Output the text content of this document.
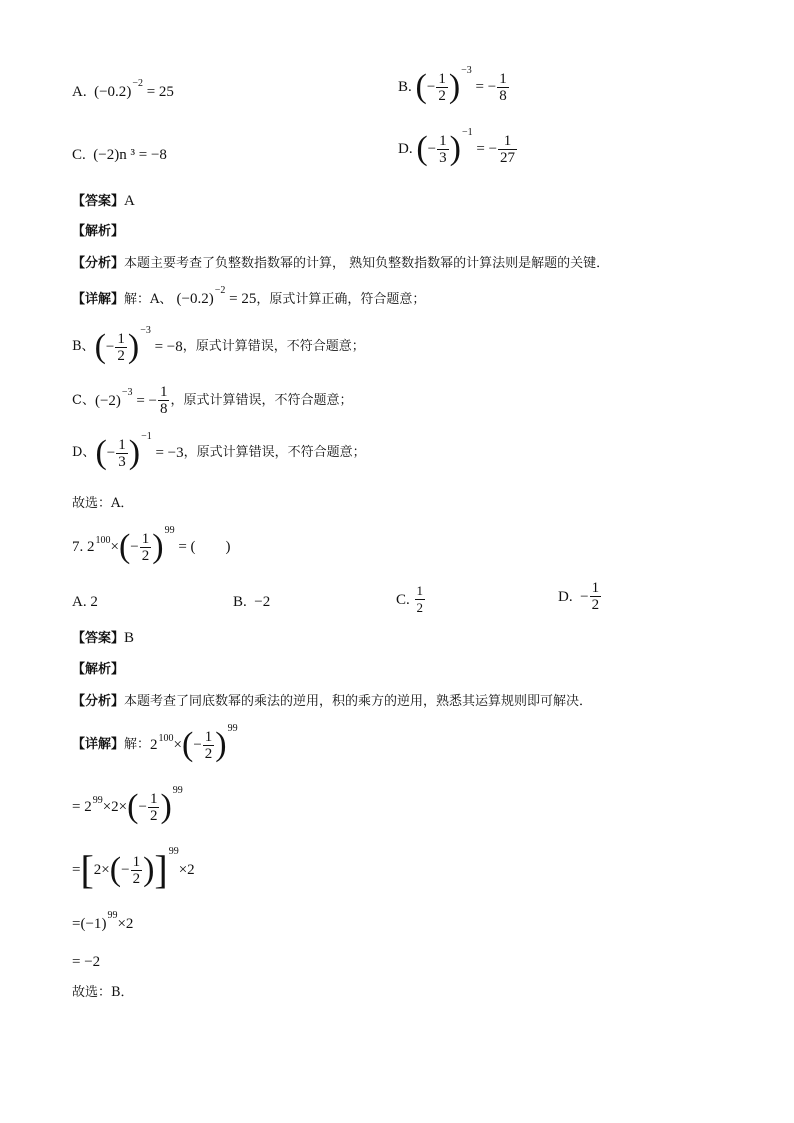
A.  $(-0.2)^{-2} = 25$	B.
( − $\frac{1}{2}$ ) −3
= − $\frac{1}{8}$
C.  (−2)n ³ = −8	D.
( − $\frac{1}{3}$ ) −1
= − $\frac{1}{27}$
【答案】A
【解析】
【分析】本题主要考查了负整数指数幂的计算， 熟知负整数指数幂的计算法则是解题的关键．
【详解】解：A、 $(-0.2)^{-2} = 25$，原式计算正确，符合题意；
B、 ( − $\frac{1}{2}$ ) −3

= −8 ，原式计算错误，不符合题意；
C、 ( −2 )
−3
= − $\frac{1}{8}$ ，原式计算错误，不符合题意；
D、 ( − $\frac{1}{3}$ ) −1

= −3 ，原式计算错误，不符合题意；
故选：A．
7.
2 100 × ( − $\frac{1}{2}$ ) 99

= (　　)
A. 2	B. −2	C.
$\frac{1}{2}$	D. − $\frac{1}{2}$
【答案】B
【解析】
【分析】本题考查了同底数幂的乘法的逆用，积的乘方的逆用，熟悉其运算规则即可解决．
【详解】 解： 2 100 × ( − $\frac{1}{2}$ ) 99
= 2 99 ×2× ( − $\frac{1}{2}$ ) 99
= [ 2× ( − $\frac{1}{2}$ ) ] 99
×2
$=(-1)^{99}\times 2$
= −2
故选：B．
